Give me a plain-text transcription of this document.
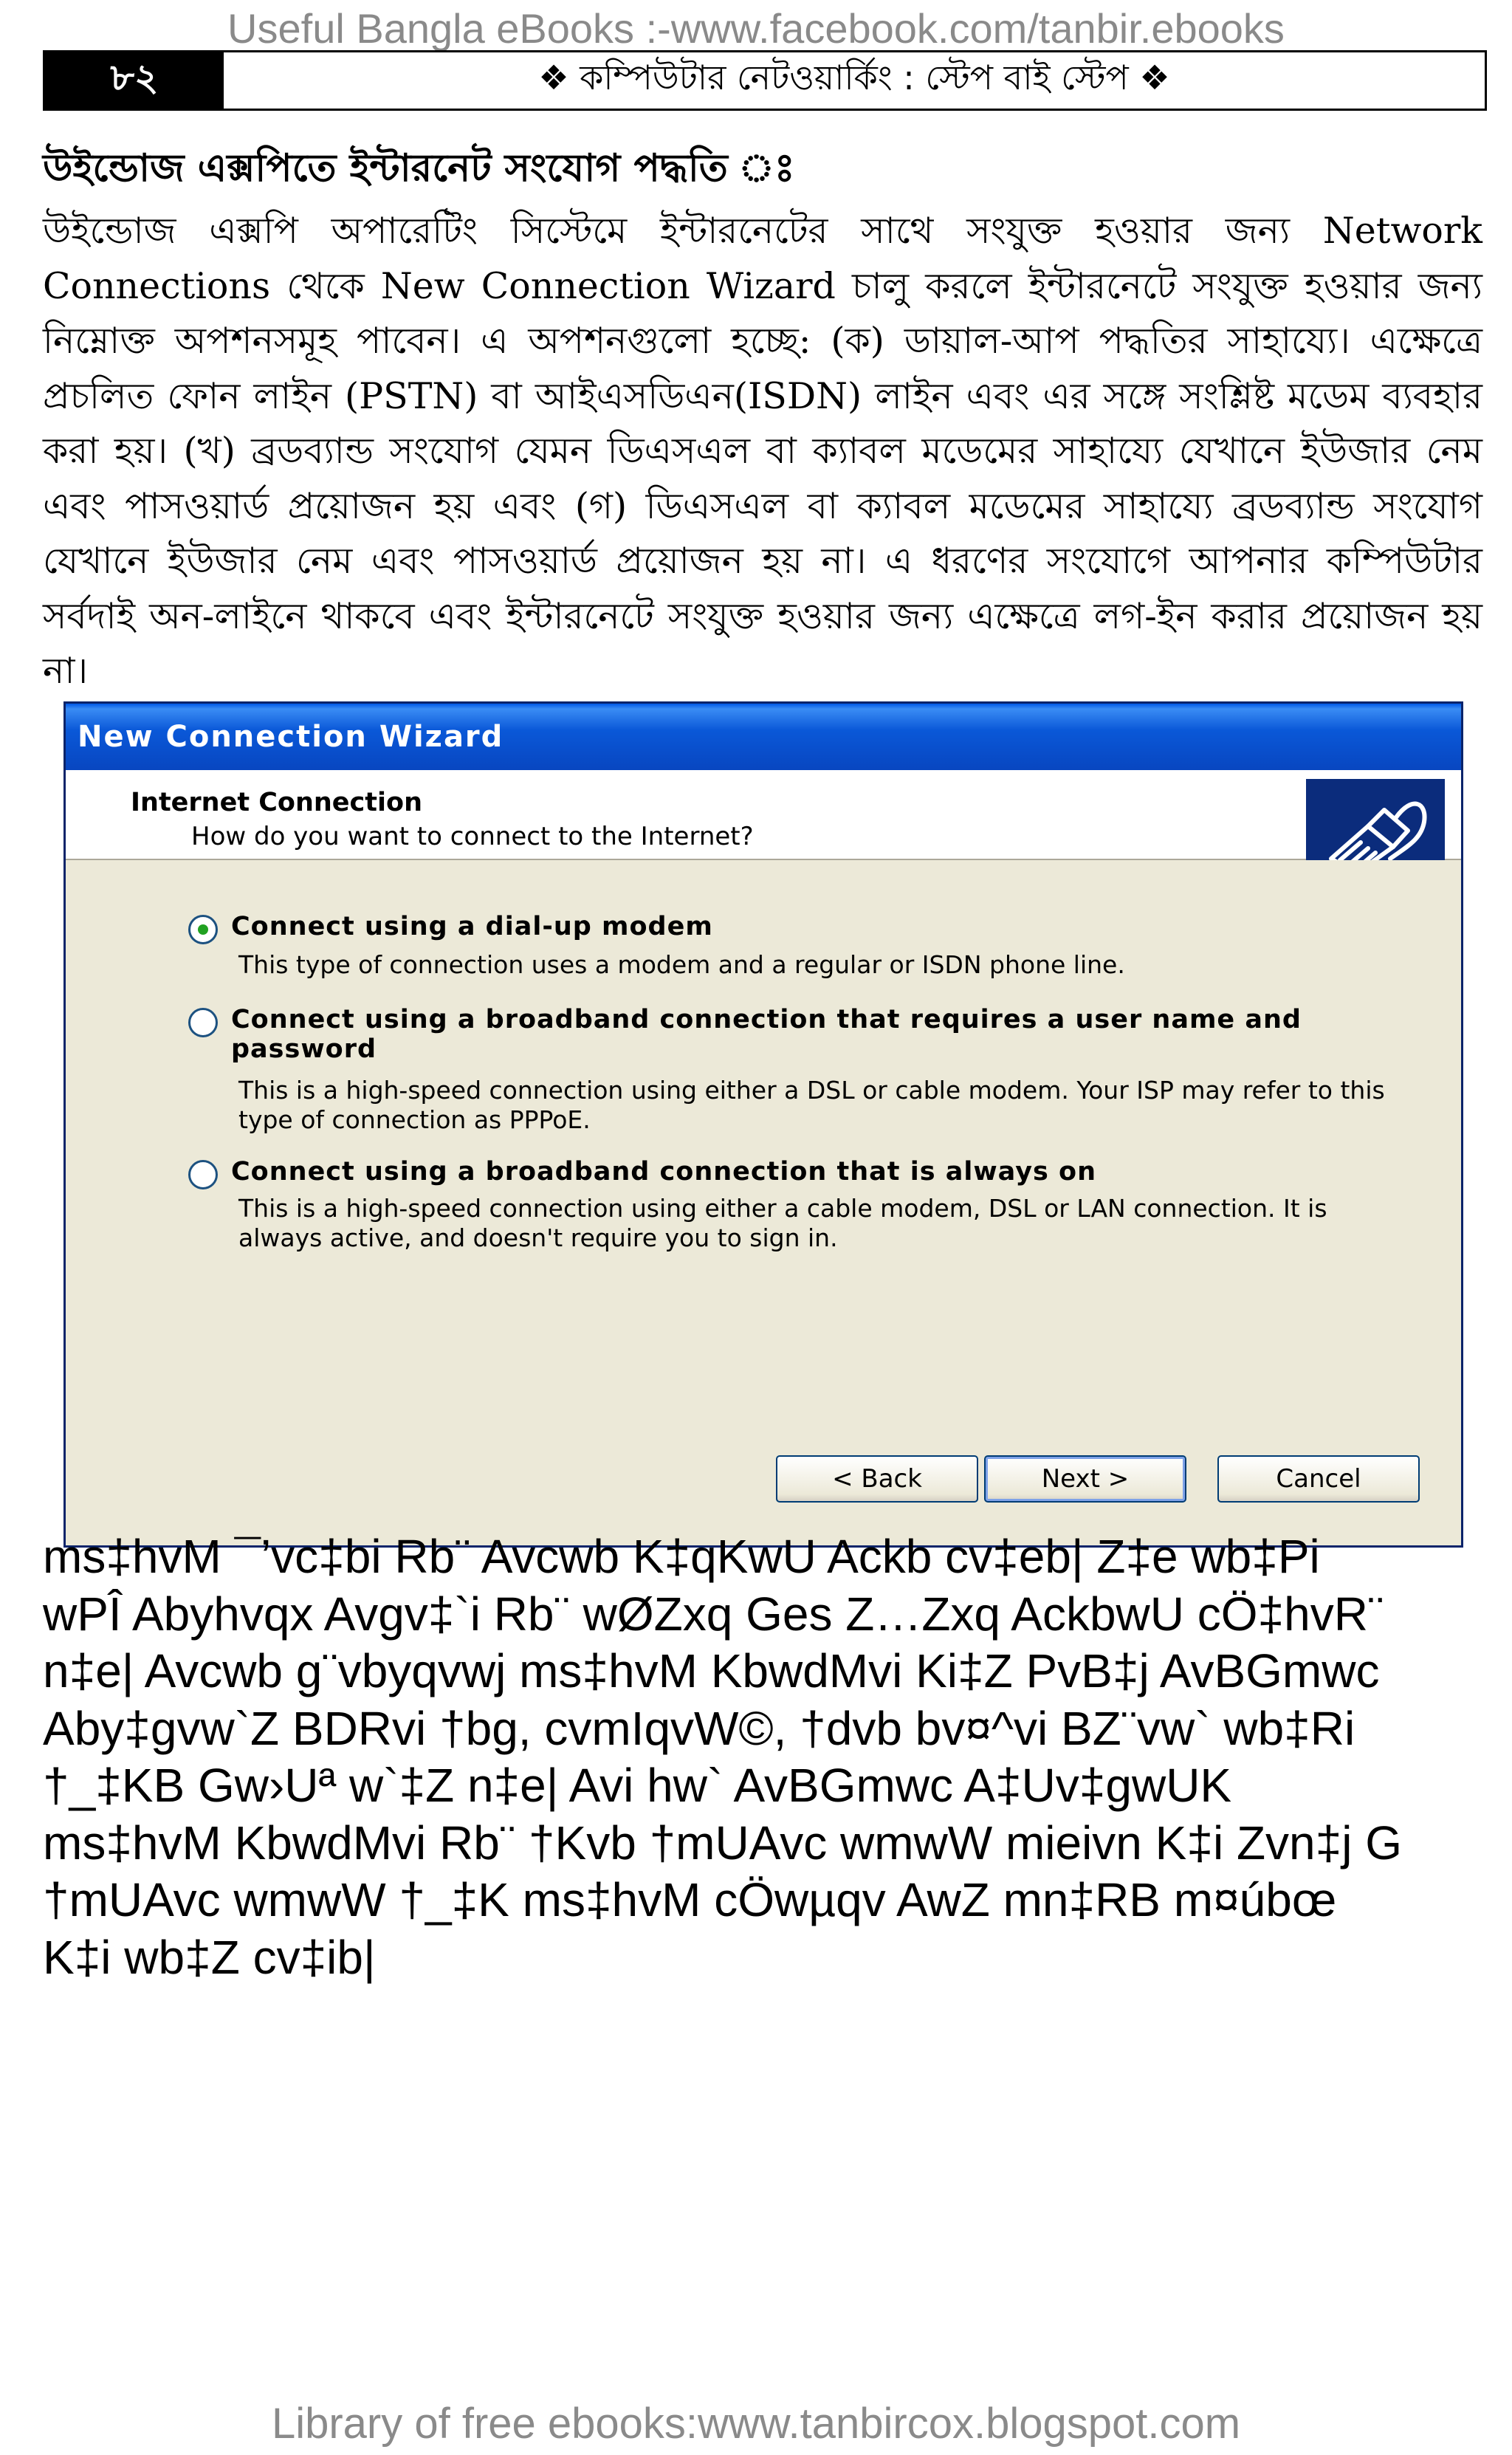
Useful Bangla eBooks :-www.facebook.com/tanbir.ebooks
৮২	❖ কম্পিউটার নেটওয়ার্কিং : স্টেপ বাই স্টেপ ❖
উইন্ডোজ এক্সপিতে ইন্টারনেট সংযোগ পদ্ধতি ঃ

উইন্ডোজ এক্সপি অপারেটিং সিস্টেমে ইন্টারনেটের সাথে সংযুক্ত হওয়ার জন্য Network Connections থেকে New Connection Wizard চালু করলে ইন্টারনেটে সংযুক্ত হওয়ার জন্য নিম্নোক্ত অপশনসমূহ পাবেন। এ অপশনগুলো হচ্ছে: (ক) ডায়াল-আপ পদ্ধতির সাহায্যে। এক্ষেত্রে প্রচলিত ফোন লাইন (PSTN) বা আইএসডিএন(ISDN) লাইন এবং এর সঙ্গে সংশ্লিষ্ট মডেম ব্যবহার করা হয়। (খ) ব্রডব্যান্ড সংযোগ যেমন ডিএসএল বা ক্যাবল মডেমের সাহায্যে যেখানে ইউজার নেম এবং পাসওয়ার্ড প্রয়োজন হয় এবং (গ) ডিএসএল বা ক্যাবল মডেমের সাহায্যে ব্রডব্যান্ড সংযোগ যেখানে ইউজার নেম এবং পাসওয়ার্ড প্রয়োজন হয় না। এ ধরণের সংযোগে আপনার কম্পিউটার সর্বদাই অন-লাইনে থাকবে এবং ইন্টারনেটে সংযুক্ত হওয়ার জন্য এক্ষেত্রে লগ-ইন করার প্রয়োজন হয় না।

New Connection Wizard
Internet Connection
How do you want to connect to the Internet?
Connect using a dial-up modem
This type of connection uses a modem and a regular or ISDN phone line.
Connect using a broadband connection that requires a user name and password
This is a high-speed connection using either a DSL or cable modem. Your ISP may refer to this type of connection as PPPoE.
Connect using a broadband connection that is always on
This is a high-speed connection using either a cable modem, DSL or LAN connection. It is always active, and doesn't require you to sign in.
< Back	Next >	Cancel

ms‡hvM ¯’vc‡bi Rb¨ Avcwb K‡qKwU Ackb cv‡eb| Z‡e wb‡Pi

wPÎ Abyhvqx Avgv‡`i Rb¨ wØZxq Ges Z…Zxq AckbwU cÖ‡hvR¨

n‡e| Avcwb g¨vbyqvwj ms‡hvM KbwdMvi Ki‡Z PvB‡j AvBGmwc

Aby‡gvw`Z BDRvi †bg, cvmIqvW©, †dvb bv¤^vi BZ¨vw` wb‡Ri

†_‡KB Gw›Uª w`‡Z n‡e| Avi hw` AvBGmwc A‡Uv‡gwUK

ms‡hvM KbwdMvi Rb¨ †Kvb †mUAvc wmwW mieivn K‡i Zvn‡j G

†mUAvc wmwW †_‡K ms‡hvM cÖwµqv AwZ mn‡RB m¤úbœ

K‡i wb‡Z cv‡ib|

Library of free ebooks:www.tanbircox.blogspot.com
